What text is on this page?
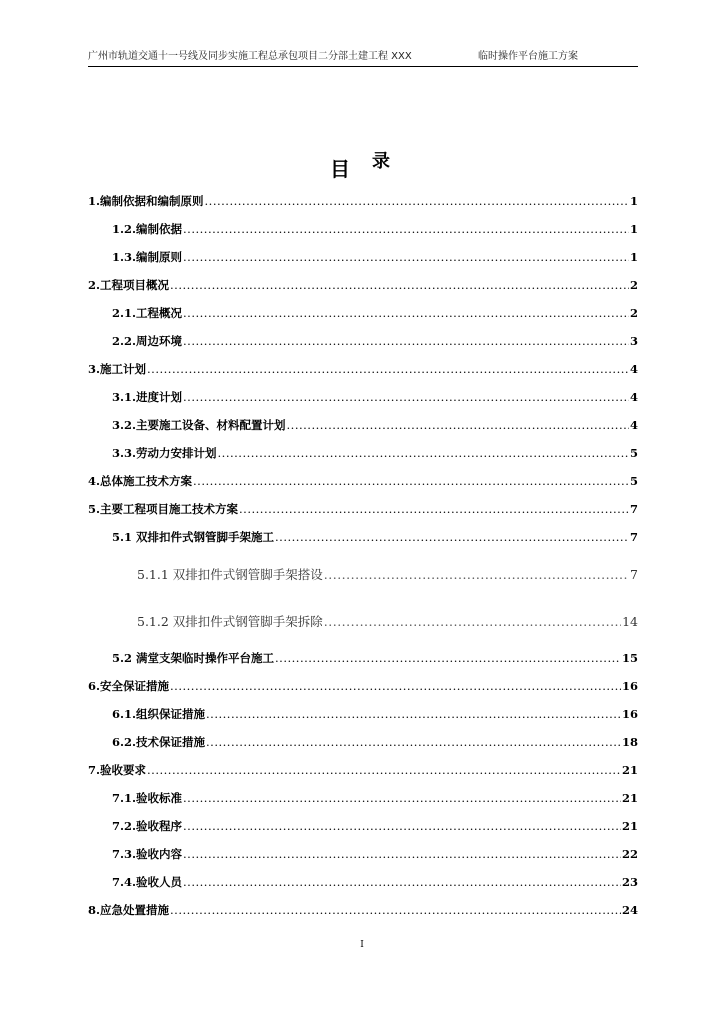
广州市轨道交通十一号线及同步实施工程总承包项目二分部土建工程 XXX	临时操作平台施工方案
目 录
1.编制依据和编制原则 .....	1
1.2.编制依据 .....	1
1.3.编制原则 .....	1
2.工程项目概况 .....	2
2.1.工程概况 .....	2
2.2.周边环境 .....	3
3.施工计划 .....	4
3.1.进度计划 .....	4
3.2.主要施工设备、材料配置计划 .....	4
3.3.劳动力安排计划 .....	5
4.总体施工技术方案 .....	5
5.主要工程项目施工技术方案 .....	7
5.1 双排扣件式钢管脚手架施工 .....	7
5.1.1 双排扣件式钢管脚手架搭设 .....	7
5.1.2 双排扣件式钢管脚手架拆除 .....	14
5.2 满堂支架临时操作平台施工 .....	15
6.安全保证措施 .....	16
6.1.组织保证措施 .....	16
6.2.技术保证措施 .....	18
7.验收要求 .....	21
7.1.验收标准 .....	21
7.2.验收程序 .....	21
7.3.验收内容 .....	22
7.4.验收人员 .....	23
8.应急处置措施 .....	24
I
